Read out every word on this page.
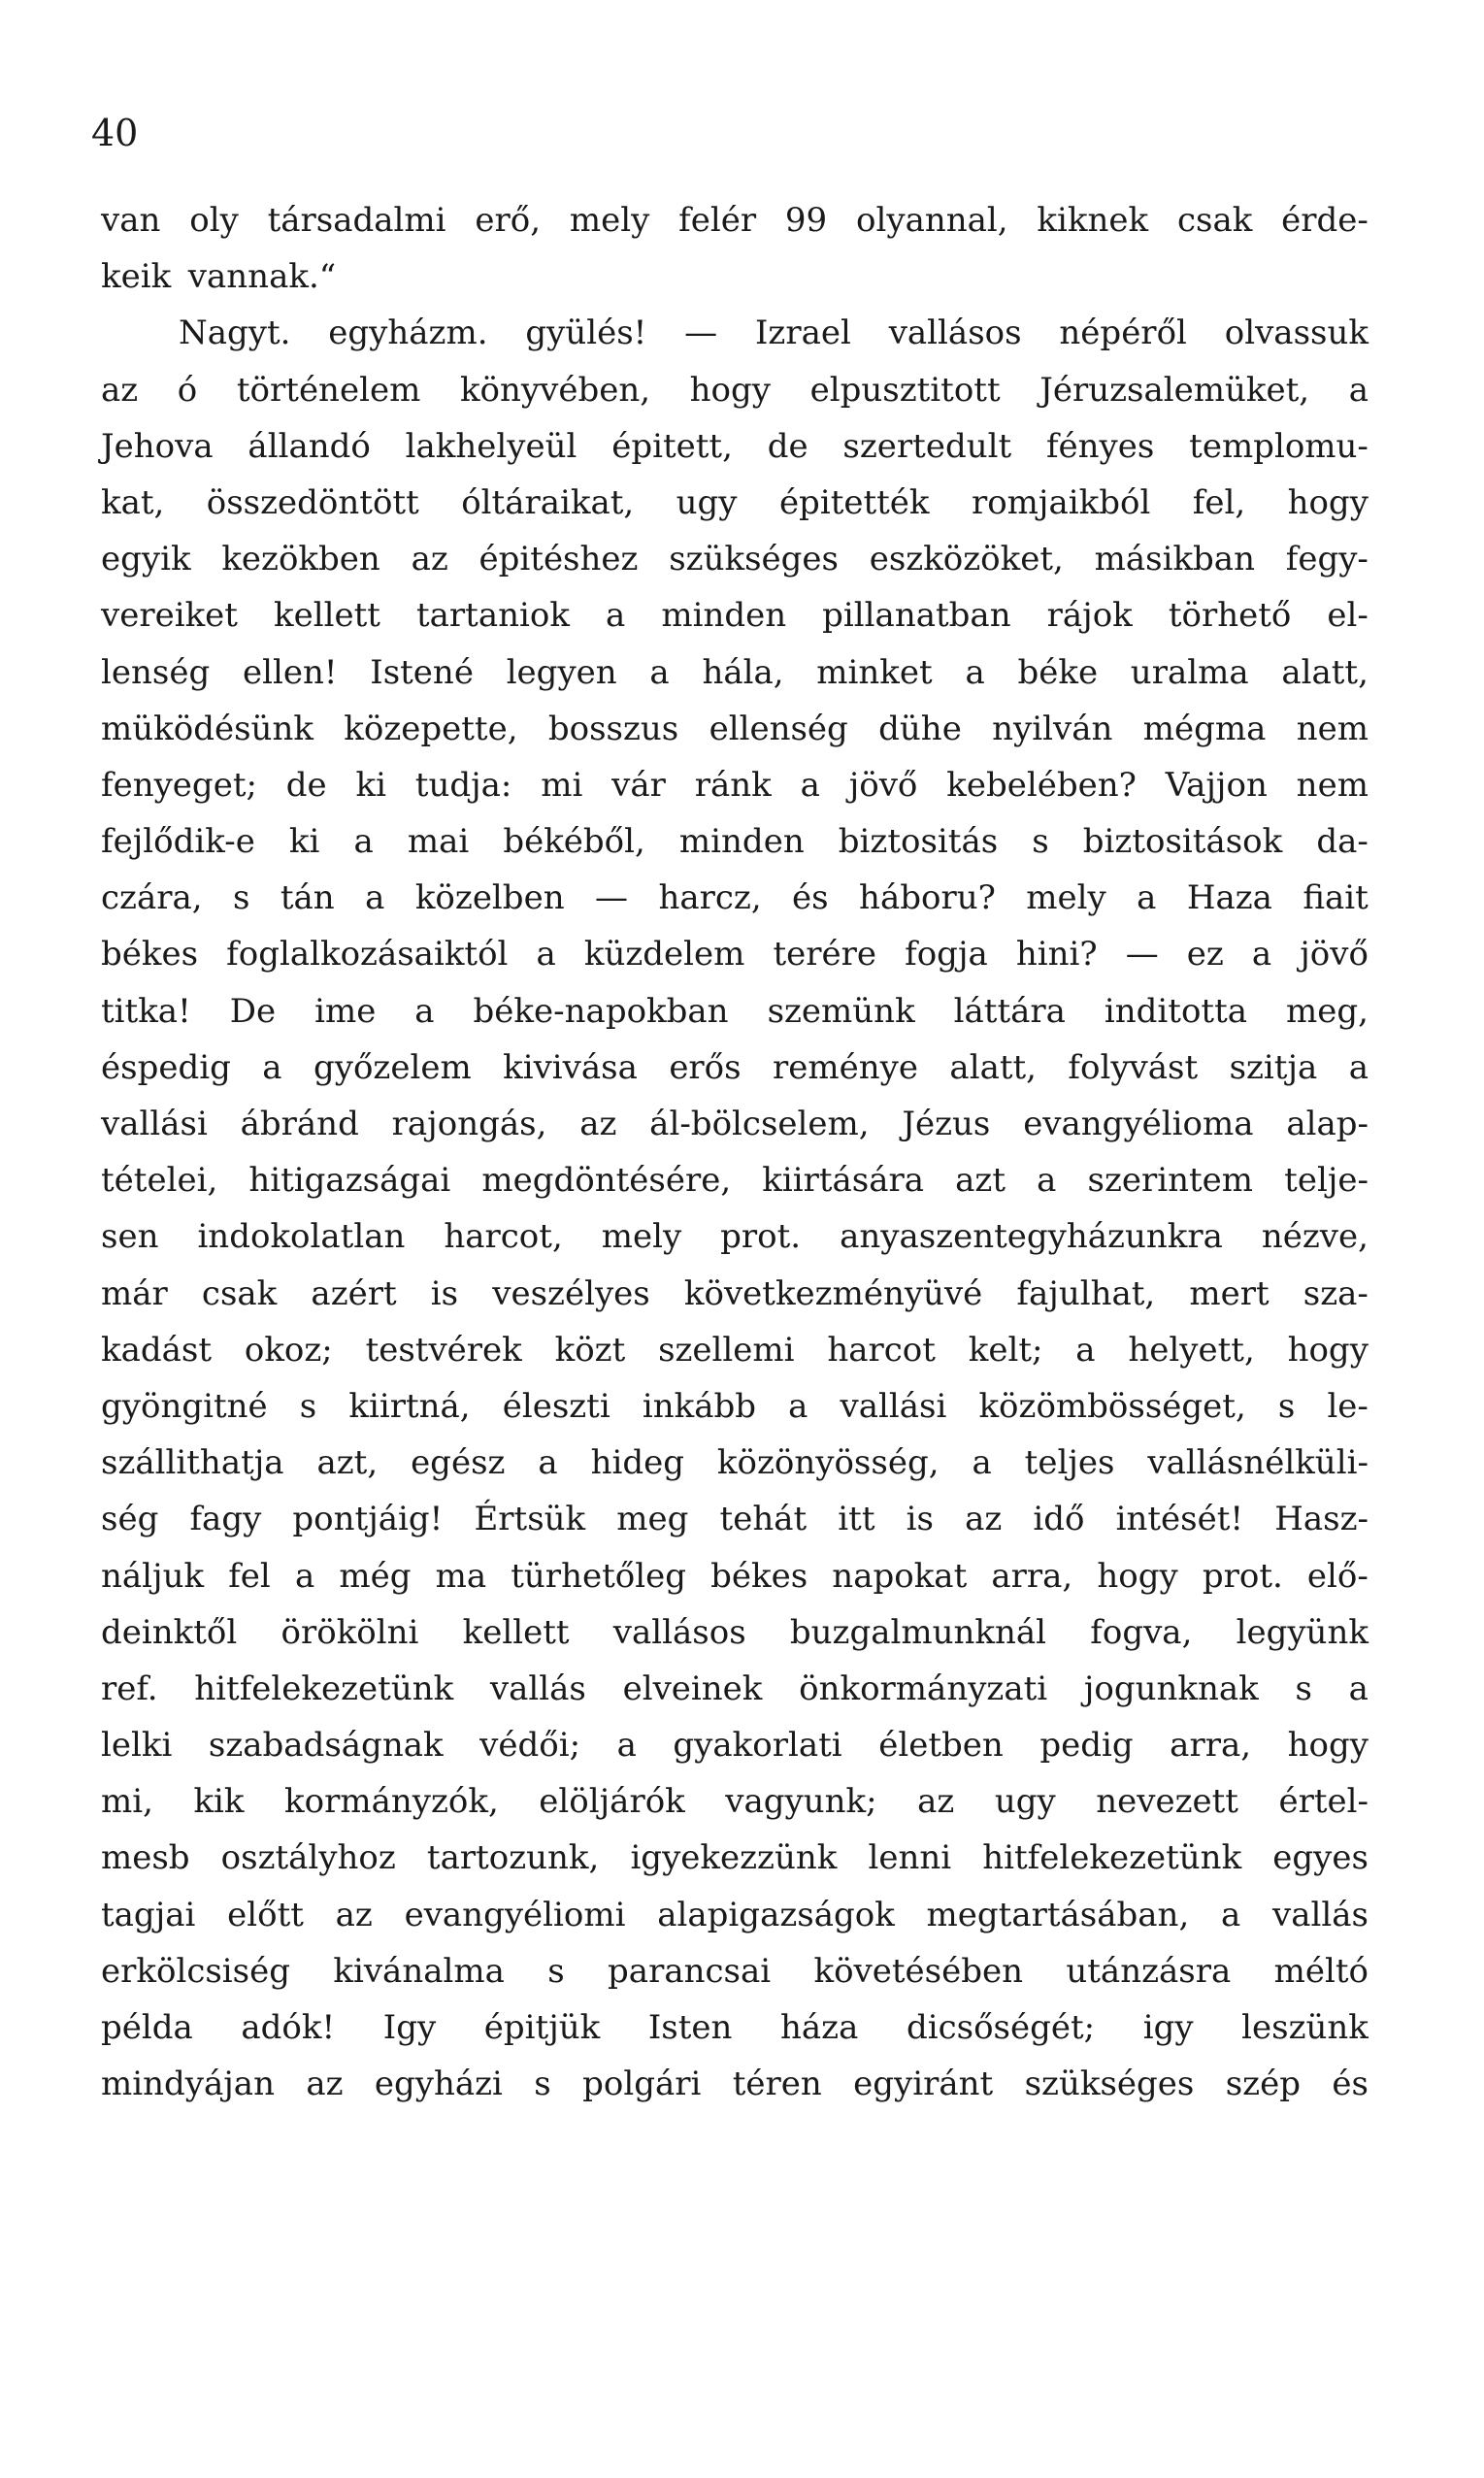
40
van oly társadalmi erő, mely felér 99 olyannal, kiknek csak érde-
keik vannak.“
Nagyt. egyházm. gyülés! — Izrael vallásos népéről olvassuk
az ó történelem könyvében, hogy elpusztitott Jéruzsalemüket, a
Jehova állandó lakhelyeül épitett, de szertedult fényes templomu-
kat, összedöntött óltáraikat, ugy épitették romjaikból fel, hogy
egyik kezökben az épitéshez szükséges eszközöket, másikban fegy-
vereiket kellett tartaniok a minden pillanatban rájok törhető el-
lenség ellen! Istené legyen a hála, minket a béke uralma alatt,
müködésünk közepette, bosszus ellenség dühe nyilván mégma nem
fenyeget; de ki tudja: mi vár ránk a jövő kebelében? Vajjon nem
fejlődik-e ki a mai békéből, minden biztositás s biztositások da-
czára, s tán a közelben — harcz, és háboru? mely a Haza fiait
békes foglalkozásaiktól a küzdelem terére fogja hini? — ez a jövő
titka! De ime a béke-napokban szemünk láttára inditotta meg,
éspedig a győzelem kivivása erős reménye alatt, folyvást szitja a
vallási ábránd rajongás, az ál-bölcselem, Jézus evangyélioma alap-
tételei, hitigazságai megdöntésére, kiirtására azt a szerintem telje-
sen indokolatlan harcot, mely prot. anyaszentegyházunkra nézve,
már csak azért is veszélyes következményüvé fajulhat, mert sza-
kadást okoz; testvérek közt szellemi harcot kelt; a helyett, hogy
gyöngitné s kiirtná, éleszti inkább a vallási közömbösséget, s le-
szállithatja azt, egész a hideg közönyösség, a teljes vallásnélküli-
ség fagy pontjáig! Értsük meg tehát itt is az idő intését! Hasz-
náljuk fel a még ma türhetőleg békes napokat arra, hogy prot. elő-
deinktől örökölni kellett vallásos buzgalmunknál fogva, legyünk
ref. hitfelekezetünk vallás elveinek önkormányzati jogunknak s a
lelki szabadságnak védői; a gyakorlati életben pedig arra, hogy
mi, kik kormányzók, elöljárók vagyunk; az ugy nevezett értel-
mesb osztályhoz tartozunk, igyekezzünk lenni hitfelekezetünk egyes
tagjai előtt az evangyéliomi alapigazságok megtartásában, a vallás
erkölcsiség kivánalma s parancsai követésében utánzásra méltó
példa adók! Igy épitjük Isten háza dicsőségét; igy leszünk
mindyájan az egyházi s polgári téren egyiránt szükséges szép és
